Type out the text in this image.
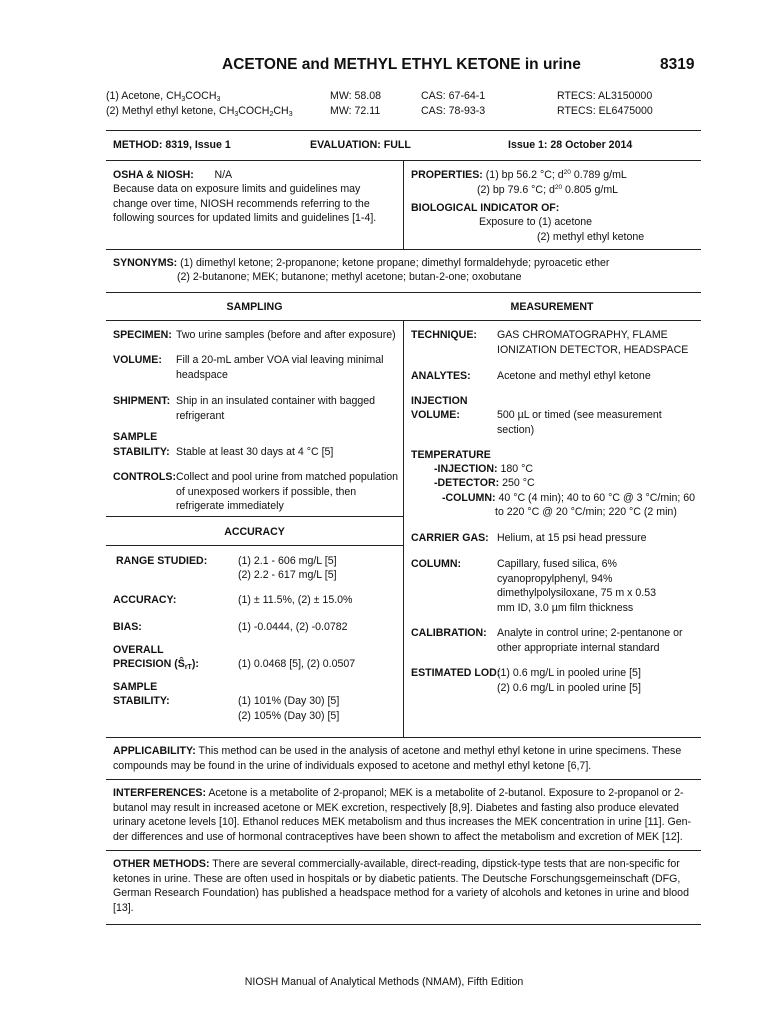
ACETONE and METHYL ETHYL KETONE in urine	8319
(1) Acetone, $CH_3COCH_3$	MW: 58.08	CAS: 67-64-1	RTECS: AL3150000
(2) Methyl ethyl ketone, $CH_3COCH_2CH_3$	MW: 72.11	CAS: 78-93-3	RTECS: EL6475000
METHOD: 8319, Issue 1	EVALUATION: FULL	Issue 1: 28 October 2014
OSHA & NIOSH: N/A
Because data on exposure limits and guidelines may change over time, NIOSH recommends referring to the following sources for updated limits and guidelines [1-4].
PROPERTIES: (1) bp 56.2 °C; $d^{20}$ 0.789 g/mL
(2) bp 79.6 °C; $d^{20}$ 0.805 g/mL
BIOLOGICAL INDICATOR OF:
Exposure to (1) acetone
(2) methyl ethyl ketone
SYNONYMS: (1) dimethyl ketone; 2-propanone; ketone propane; dimethyl formaldehyde; pyroacetic ether
(2) 2-butanone; MEK; butanone; methyl acetone; butan-2-one; oxobutane
SAMPLING	MEASUREMENT
SPECIMEN: Two urine samples (before and after exposure)
VOLUME: Fill a 20-mL amber VOA vial leaving minimal headspace
SHIPMENT: Ship in an insulated container with bagged refrigerant
SAMPLE
STABILITY: Stable at least 30 days at 4 °C [5]
CONTROLS: Collect and pool urine from matched population of unexposed workers if possible, then refrigerate immediately
ACCURACY
RANGE STUDIED:	(1) 2.1 - 606 mg/L [5]
(2) 2.2 - 617 mg/L [5]
ACCURACY:	(1) ± 11.5%, (2) ± 15.0%
BIAS:	(1) -0.0444, (2) -0.0782
OVERALL
PRECISION $(Ŝ_{rT})$:	(1) 0.0468 [5], (2) 0.0507
SAMPLE
STABILITY:	(1) 101% (Day 30) [5]
(2) 105% (Day 30) [5]
TECHNIQUE: GAS CHROMATOGRAPHY, FLAME IONIZATION DETECTOR, HEADSPACE
ANALYTES: Acetone and methyl ethyl ketone
INJECTION
VOLUME:	500 µL or timed (see measurement section)
TEMPERATURE
-INJECTION: 180 °C
-DETECTOR: 250 °C
-COLUMN: 40 °C (4 min); 40 to 60 °C @ 3 °C/min; 60
to 220 °C @ 20 °C/min; 220 °C (2 min)
CARRIER GAS: Helium, at 15 psi head pressure
COLUMN:	Capillary, fused silica, 6% cyanopropylphenyl, 94% dimethylpolysiloxane, 75 m x 0.53 mm ID, 3.0 µm film thickness
CALIBRATION: Analyte in control urine; 2-pentanone or other appropriate internal standard
ESTIMATED LOD:
(1) 0.6 mg/L in pooled urine [5]
(2) 0.6 mg/L in pooled urine [5]
APPLICABILITY: This method can be used in the analysis of acetone and methyl ethyl ketone in urine specimens. These compounds may be found in the urine of individuals exposed to acetone and methyl ethyl ketone [6,7].
INTERFERENCES: Acetone is a metabolite of 2-propanol; MEK is a metabolite of 2-butanol. Exposure to 2-propanol or 2-butanol may result in increased acetone or MEK excretion, respectively [8,9]. Diabetes and fasting also produce elevated urinary acetone levels [10]. Ethanol reduces MEK metabolism and thus increases the MEK concentration in urine [11]. Gen-der differences and use of hormonal contraceptives have been shown to affect the metabolism and excretion of MEK [12].
OTHER METHODS: There are several commercially-available, direct-reading, dipstick-type tests that are non-specific for ketones in urine. These are often used in hospitals or by diabetic patients. The Deutsche Forschungsgemeinschaft (DFG, German Research Foundation) has published a headspace method for a variety of alcohols and ketones in urine and blood [13].
NIOSH Manual of Analytical Methods (NMAM), Fifth Edition
